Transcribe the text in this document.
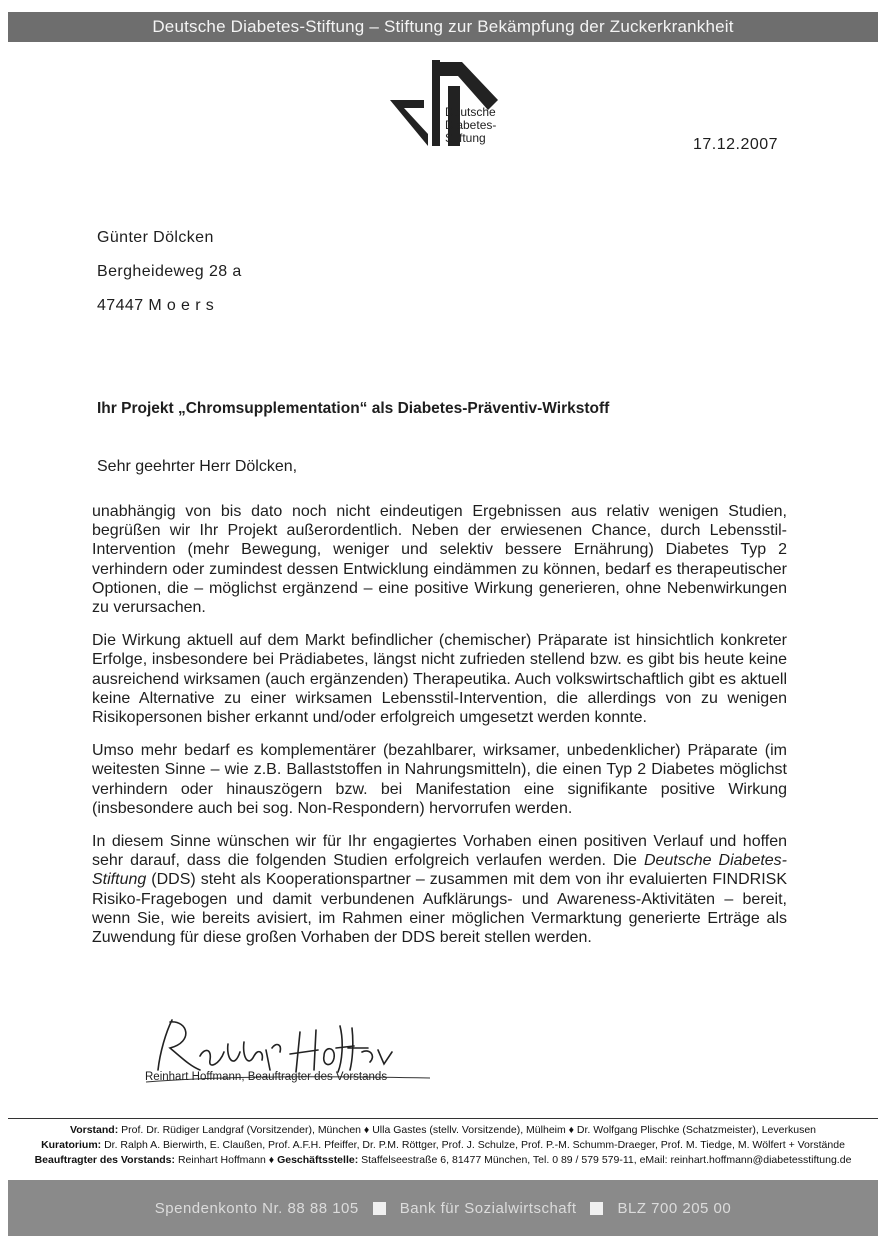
Deutsche Diabetes-Stiftung – Stiftung zur Bekämpfung der Zuckerkrankheit
Deutsche
Diabetes-
Stiftung	17.12.2007
Günter Dölcken
Bergheideweg 28 a
47447 M o e r s
Ihr Projekt „Chromsupplementation“ als Diabetes-Präventiv-Wirkstoff
Sehr geehrter Herr Dölcken,

unabhängig von bis dato noch nicht eindeutigen Ergebnissen aus relativ wenigen Studien, begrüßen wir Ihr Projekt außerordentlich. Neben der erwiesenen Chance, durch Lebensstil-Intervention (mehr Bewegung, weniger und selektiv bessere Ernährung) Diabetes Typ 2 verhindern oder zumindest dessen Entwicklung eindämmen zu können, bedarf es therapeutischer Optionen, die – möglichst ergänzend – eine positive Wirkung generieren, ohne Nebenwirkungen zu verursachen.

Die Wirkung aktuell auf dem Markt befindlicher (chemischer) Präparate ist hinsichtlich konkreter Erfolge, insbesondere bei Prädiabetes, längst nicht zufrieden stellend bzw. es gibt bis heute keine ausreichend wirksamen (auch ergänzenden) Therapeutika. Auch volkswirtschaftlich gibt es aktuell keine Alternative zu einer wirksamen Lebensstil-Intervention, die allerdings von zu wenigen Risikopersonen bisher erkannt und/oder erfolgreich umgesetzt werden konnte.

Umso mehr bedarf es komplementärer (bezahlbarer, wirksamer, unbedenklicher) Präparate (im weitesten Sinne – wie z.B. Ballaststoffen in Nahrungsmitteln), die einen Typ 2 Diabetes möglichst verhindern oder hinauszögern bzw. bei Manifestation eine signifikante positive Wirkung (insbesondere auch bei sog. Non-Respondern) hervorrufen werden.

In diesem Sinne wünschen wir für Ihr engagiertes Vorhaben einen positiven Verlauf und hoffen sehr darauf, dass die folgenden Studien erfolgreich verlaufen werden. Die Deutsche Diabetes-Stiftung (DDS) steht als Kooperationspartner – zusammen mit dem von ihr evaluierten FINDRISK Risiko-Fragebogen und damit verbundenen Aufklärungs- und Awareness-Aktivitäten – bereit, wenn Sie, wie bereits avisiert, im Rahmen einer möglichen Vermarktung generierte Erträge als Zuwendung für diese großen Vorhaben der DDS bereit stellen werden.

Reinhart Hoffmann, Beauftragter des Vorstands
Vorstand: Prof. Dr. Rüdiger Landgraf (Vorsitzender), München ♦ Ulla Gastes (stellv. Vorsitzende), Mülheim ♦ Dr. Wolfgang Plischke (Schatzmeister), Leverkusen
Kuratorium: Dr. Ralph A. Bierwirth, E. Claußen, Prof. A.F.H. Pfeiffer, Dr. P.M. Röttger, Prof. J. Schulze, Prof. P.-M. Schumm-Draeger, Prof. M. Tiedge, M. Wölfert + Vorstände
Beauftragter des Vorstands: Reinhart Hoffmann ♦ Geschäftsstelle: Staffelseestraße 6, 81477 München, Tel. 0 89 / 579 579-11, eMail: reinhart.hoffmann@diabetesstiftung.de
Spendenkonto Nr. 88 88 105	Bank für Sozialwirtschaft	BLZ 700 205 00
